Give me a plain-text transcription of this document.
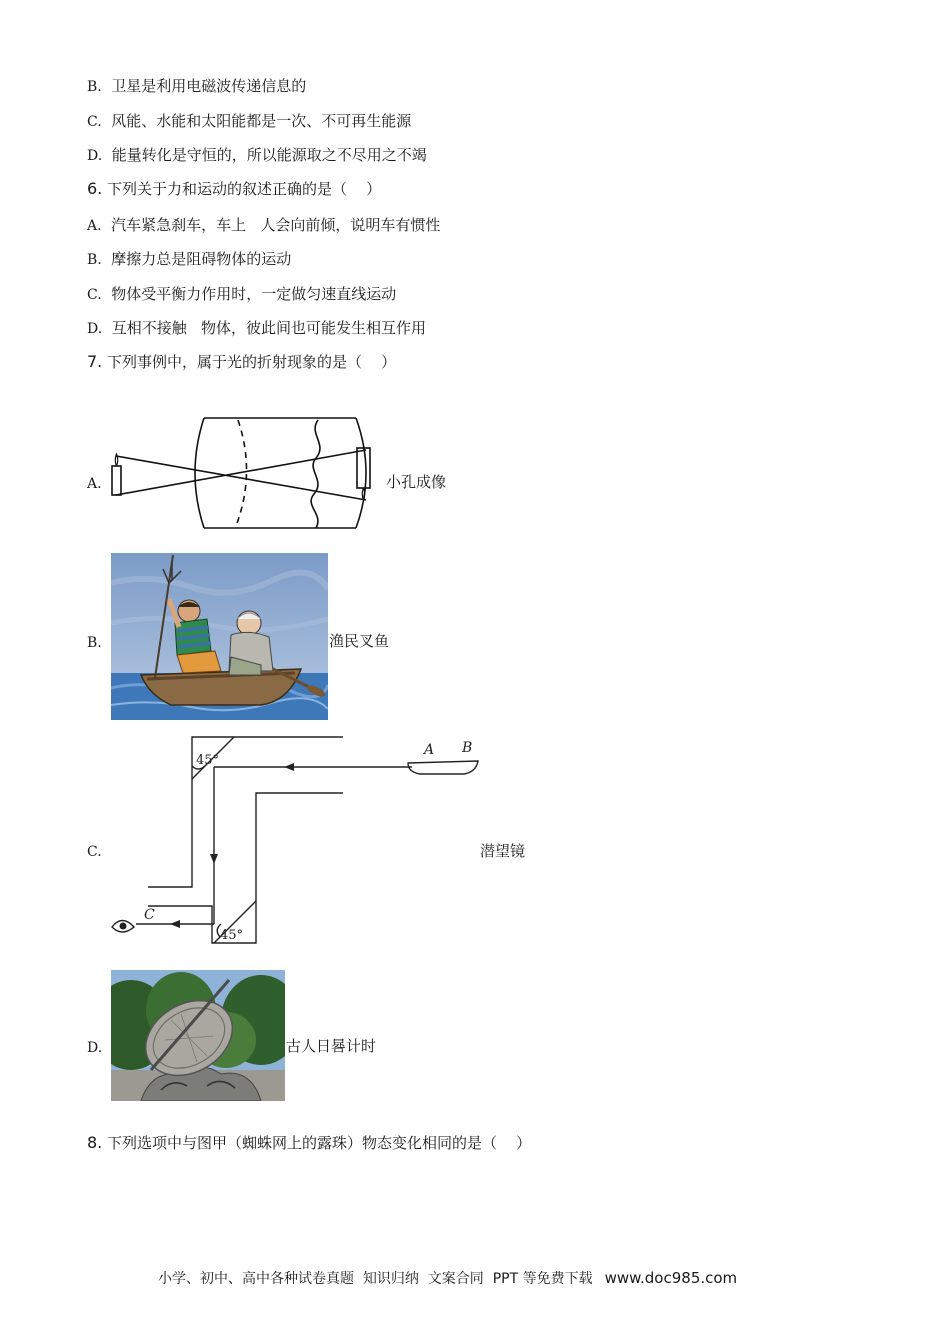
B. 卫星是利用电磁波传递信息的
C. 风能、水能和太阳能都是一次、不可再生能源
D. 能量转化是守恒的，所以能源取之不尽用之不竭
6. 下列关于力和运动的叙述正确的是（    ）
A. 汽车紧急刹车，车上   人会向前倾，说明车有惯性
B. 摩擦力总是阻碍物体的运动
C. 物体受平衡力作用时，一定做匀速直线运动
D. 互相不接触   物体，彼此间也可能发生相互作用
7. 下列事例中，属于光的折射现象的是（    ）
A.	小孔成像
B.	渔民叉鱼
C.
45°
45°
A B
C
潜望镜
D.	古人日晷计时
8. 下列选项中与图甲（蜘蛛网上的露珠）物态变化相同的是（    ）
小学、初中、高中各种试卷真题  知识归纳  文案合同  PPT 等免费下载 www.doc985.com
